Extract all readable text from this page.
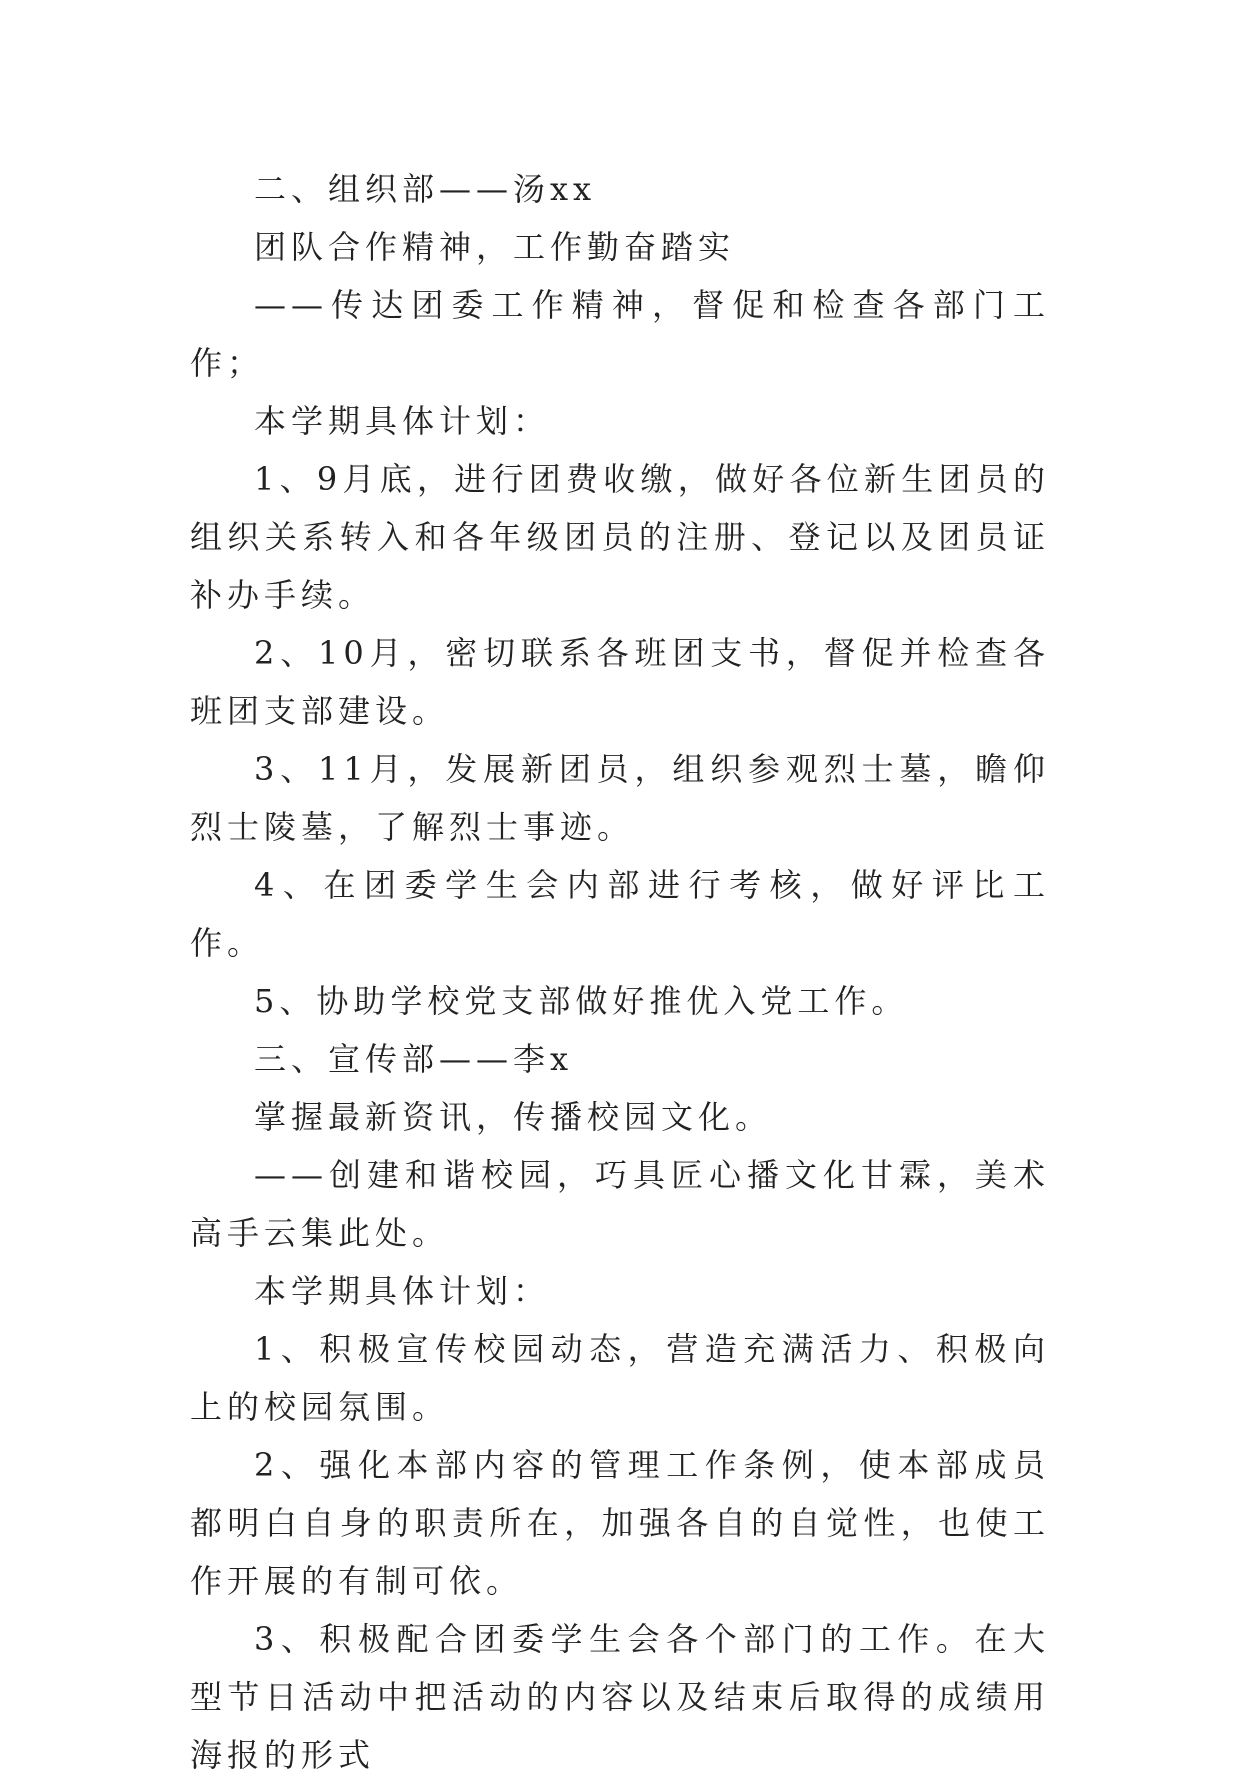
二、组织部——汤xx

团队合作精神，工作勤奋踏实

——传达团委工作精神，督促和检查各部门工作；

本学期具体计划：

1、9月底，进行团费收缴，做好各位新生团员的组织关系转入和各年级团员的注册、登记以及团员证补办手续。

2、10月，密切联系各班团支书，督促并检查各班团支部建设。

3、11月，发展新团员，组织参观烈士墓，瞻仰烈士陵墓，了解烈士事迹。

4、在团委学生会内部进行考核，做好评比工作。

5、协助学校党支部做好推优入党工作。

三、宣传部——李x

掌握最新资讯，传播校园文化。

——创建和谐校园，巧具匠心播文化甘霖，美术高手云集此处。

本学期具体计划：

1、积极宣传校园动态，营造充满活力、积极向上的校园氛围。

2、强化本部内容的管理工作条例，使本部成员都明白自身的职责所在，加强各自的自觉性，也使工作开展的有制可依。

3、积极配合团委学生会各个部门的工作。在大型节日活动中把活动的内容以及结束后取得的成绩用海报的形式
